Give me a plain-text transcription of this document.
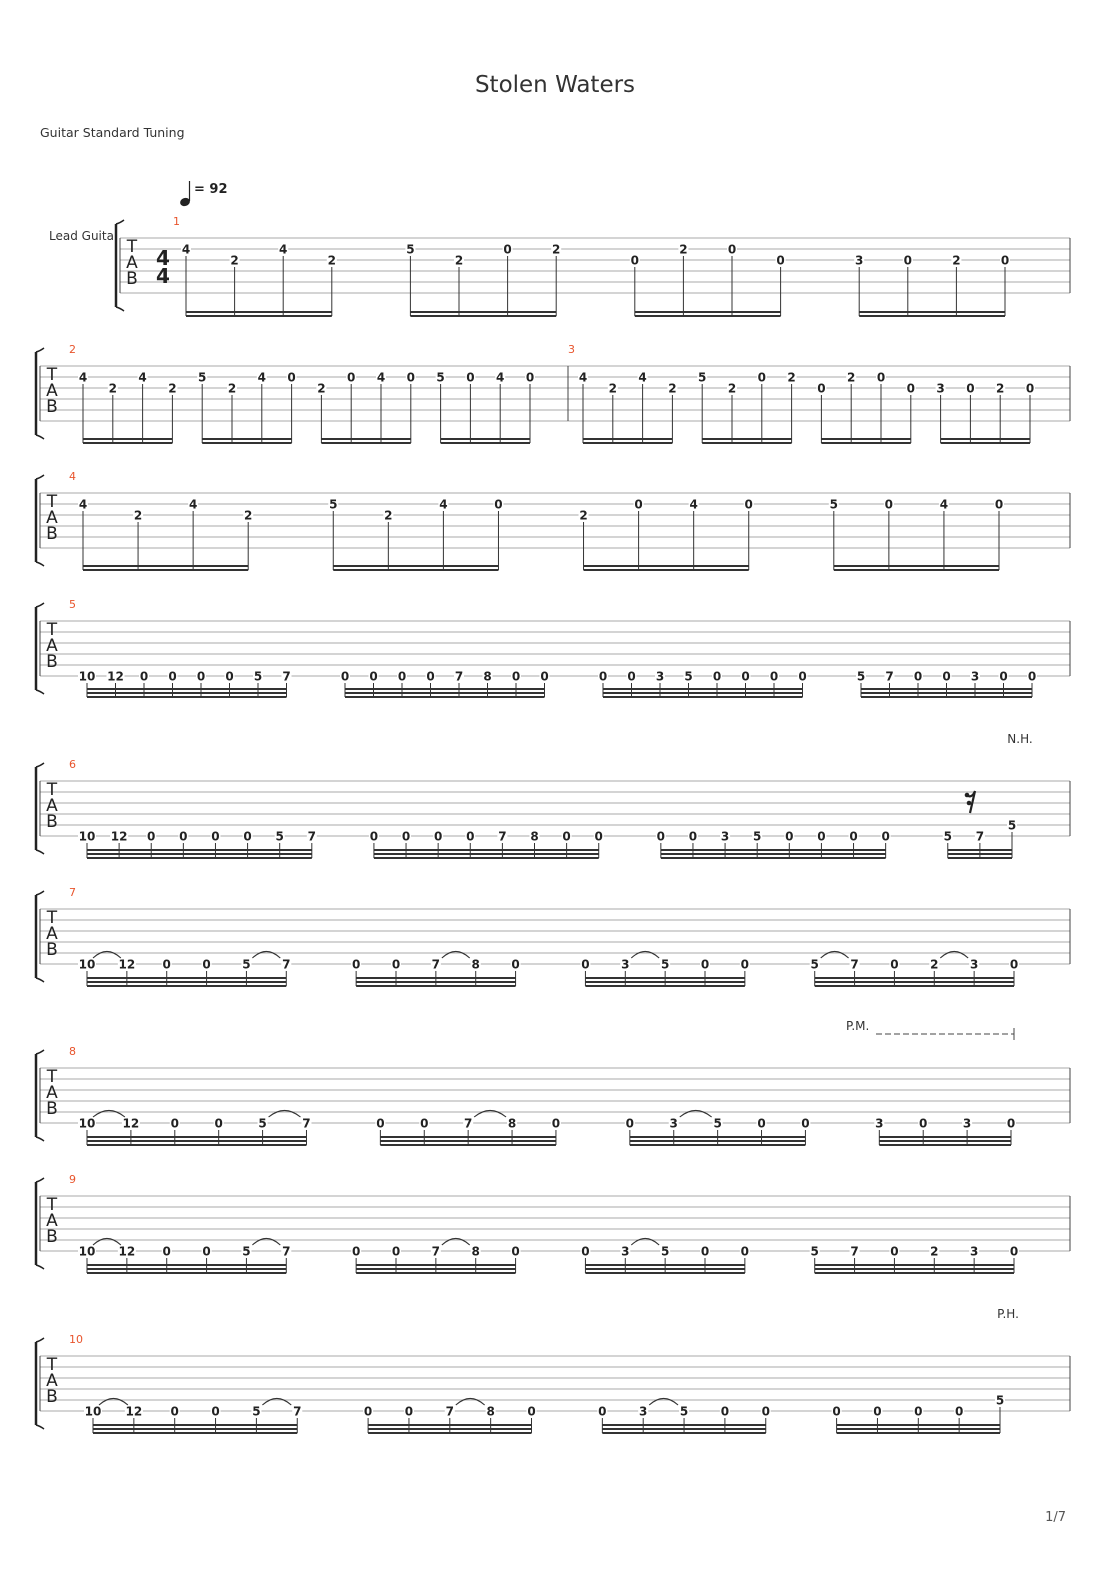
Stolen Waters
Guitar Standard Tuning
= 92
T
A
B
1
4
4
Lead Guita
4
2
4
2
5
2
0	2
0
2	0
0	3	0	2	0
T
A
B
2	3
4
2
4
2
5
2
4 0
2
0 4 0 5 0 4 0	4
2
4
2
5
2
0 2
0
2 0
0 3 0 2 0
T
A
B
4
4
2
4
2
5
2
4	0
2
0	4	0	5	0	4	0
T
A
B
5
10 12 0 0 0 0 5 7	0 0 0 0 7 8 0 0	0 0 3 5 0 0 0 0	5 7 0 0 3 0 0
T
A
B
6
10 12 0 0 0 0 5 7	0 0 0 0 7 8 0 0	0 0 3 5 0 0 0 0	5 7
5
N.H.
T
A
B
7
10 12 0	0	5	7	0	0	7	8	0	0	3	5	0	0	5	7	0	2	3	0
T
A
B
8
10 12	0	0	5	7	0	0	7	8	0	0	3	5	0	0	3	0	3	0
P.M.
T
A
B
9
10 12 0	0	5	7	0	0	7	8	0	0	3	5	0	0	5	7	0	2	3	0
T
A
B
10
10 12 0	0	5	7	0	0	7	8	0	0	3	5	0	0	0	0	0	0
5
P.H.
1/7
